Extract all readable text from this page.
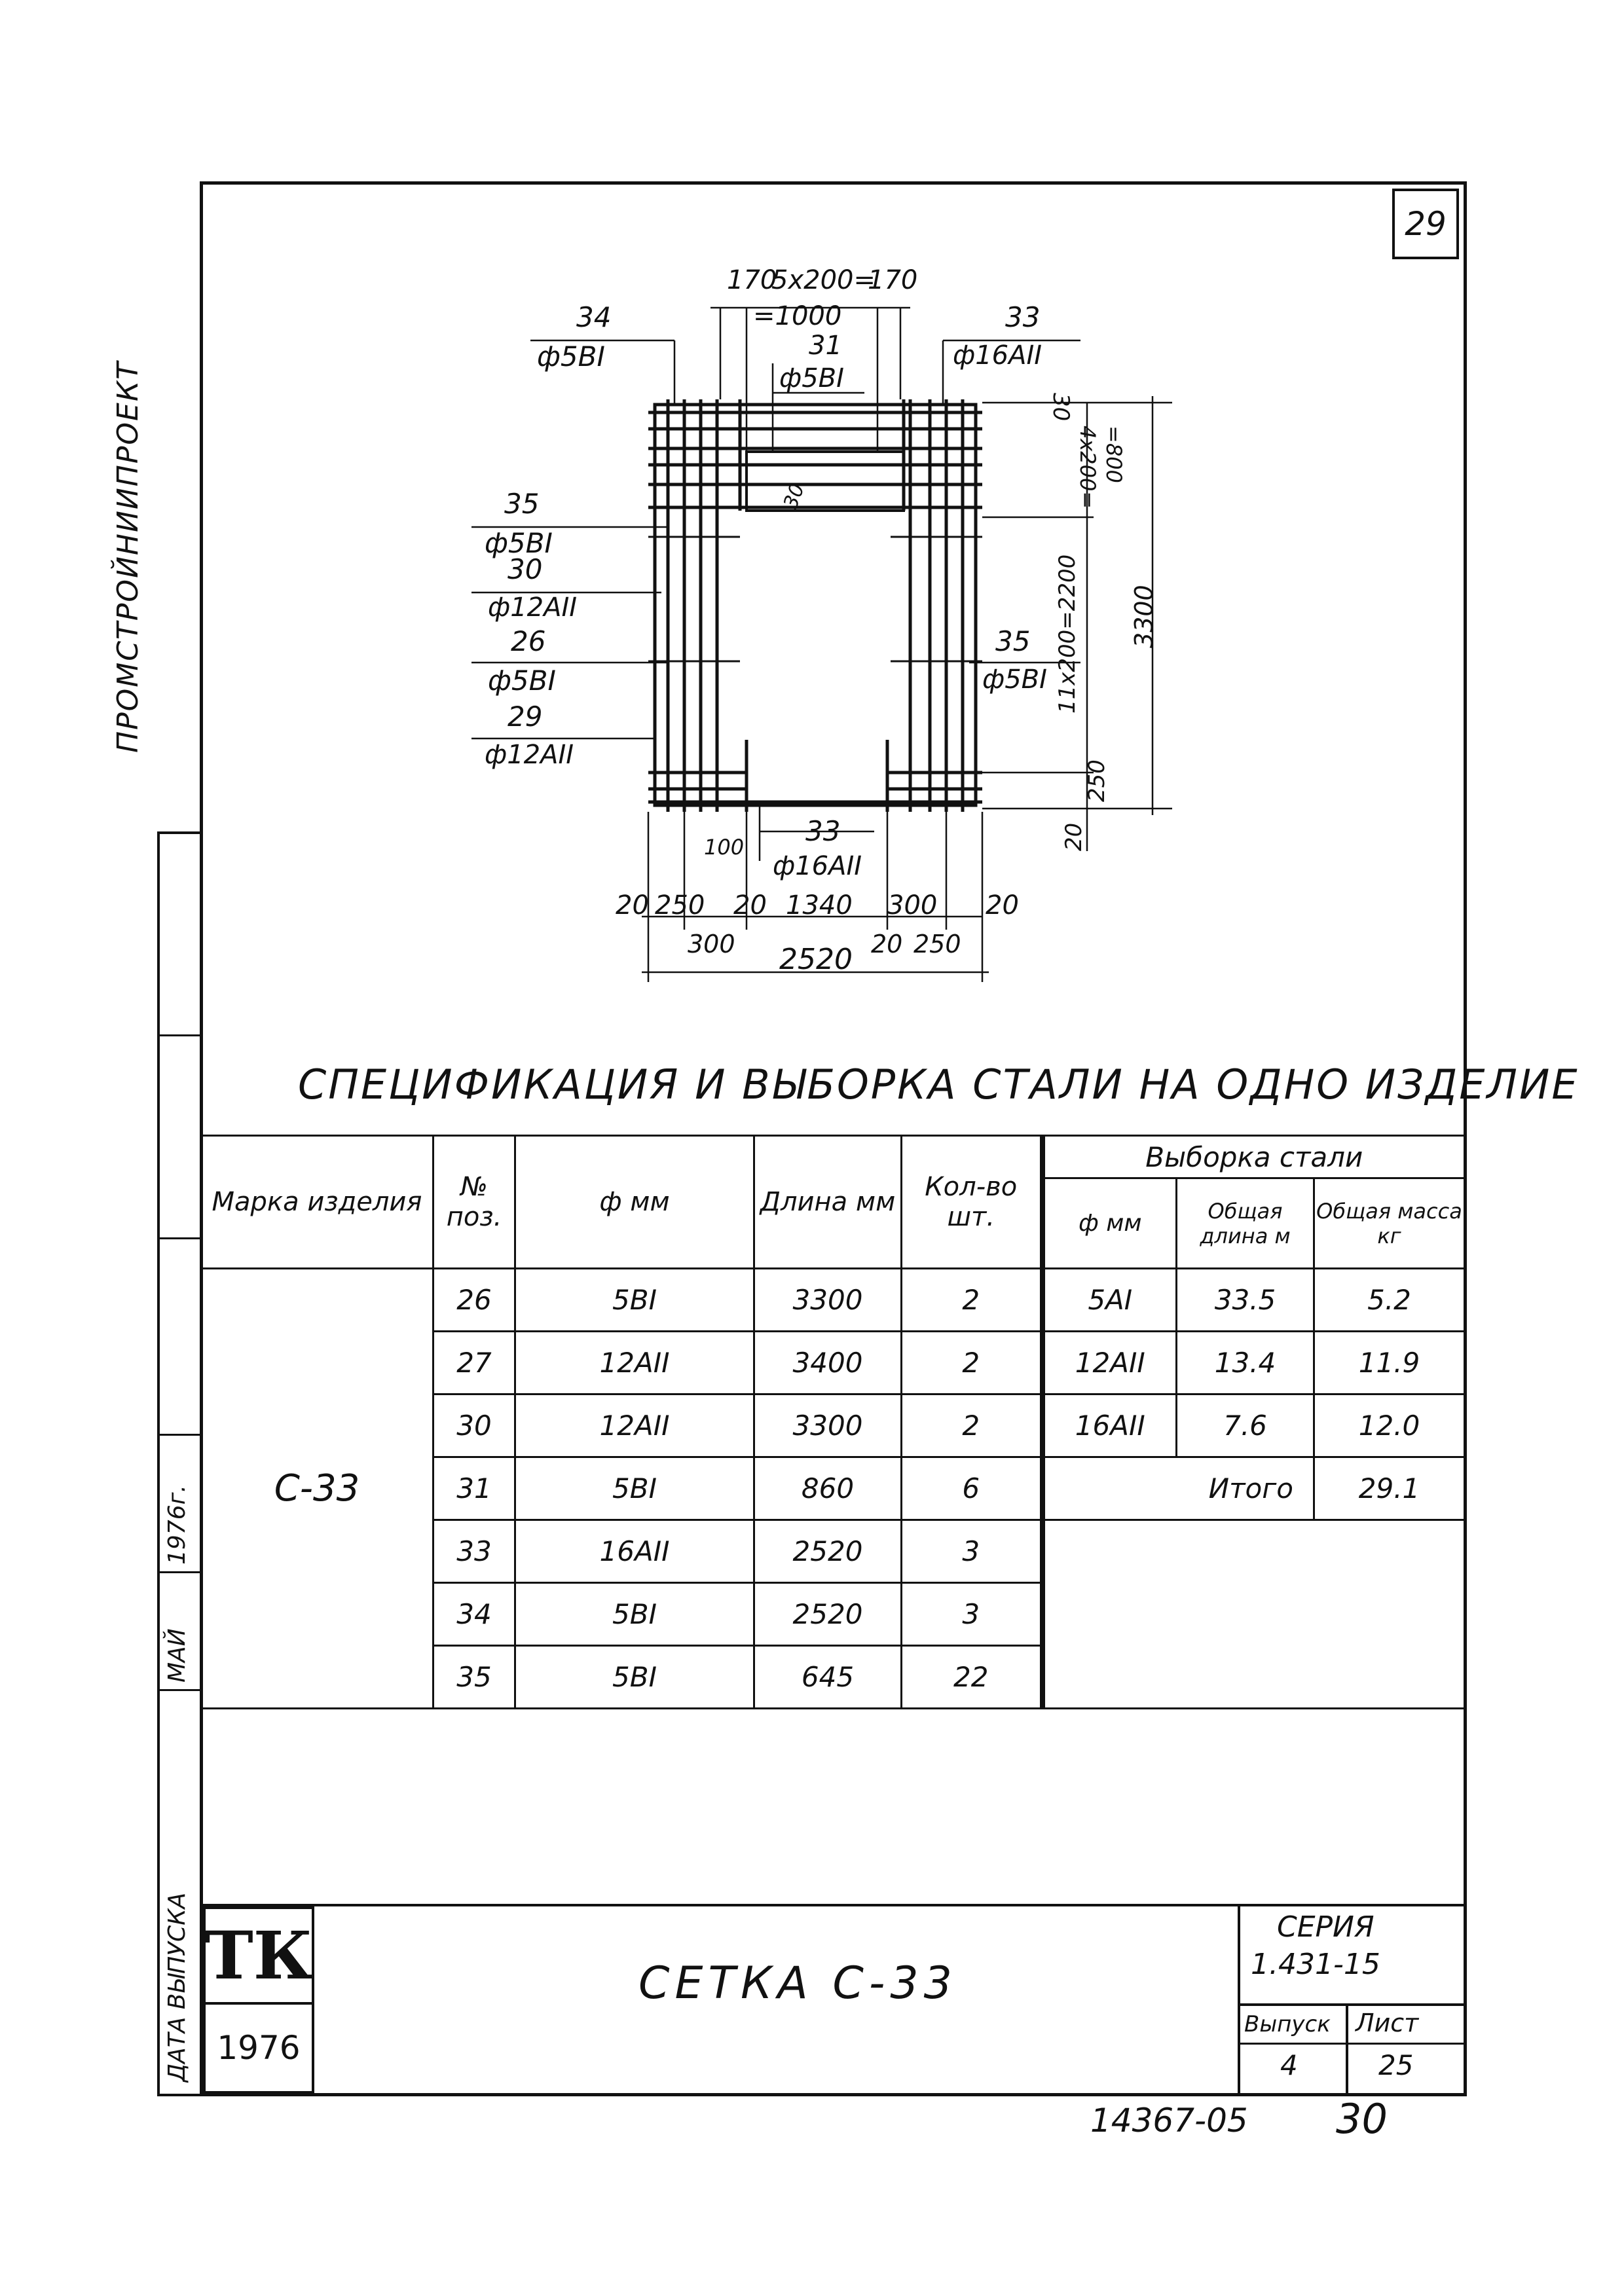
29
ПРОМСТРОЙНИИПРОЕКТ
ДАТА ВЫПУСКА
МАЙ
1976г.
170
5x200=
170
=1000
34
ф5ВI	31
ф5ВI
33
ф16АII
35
ф5ВI
30
ф12АII
26
ф5ВI
29
ф12АII
35
ф5ВI
33
ф16АII
30
4x200= =800
11x200=2200
250
20
3300
30
100
20 250 20 1340 300 20
300	20 250
2520
СПЕЦИФИКАЦИЯ И ВЫБОРКА СТАЛИ НА ОДНО ИЗДЕЛИЕ
Марка изделия	№ поз.	ф мм	Длина мм	Кол-во шт.	Выборка стали		
					ф мм	Общая длина м	Общая масса кг
С-33	26	5ВI	3300	2	5АI	33.5	5.2
	27	12АII	3400	2	12АII	13.4	11.9
	30	12АII	3300	2	16АII	7.6	12.0
	31	5ВI	860	6	Итого		29.1
	33	16АII	2520	3			
	34	5ВI	2520	3			
	35	5ВI	645	22			
ТК
1976
СЕТКА С-33
СЕРИЯ
1.431-15
Выпуск Лист
4	25
14367-05 30
